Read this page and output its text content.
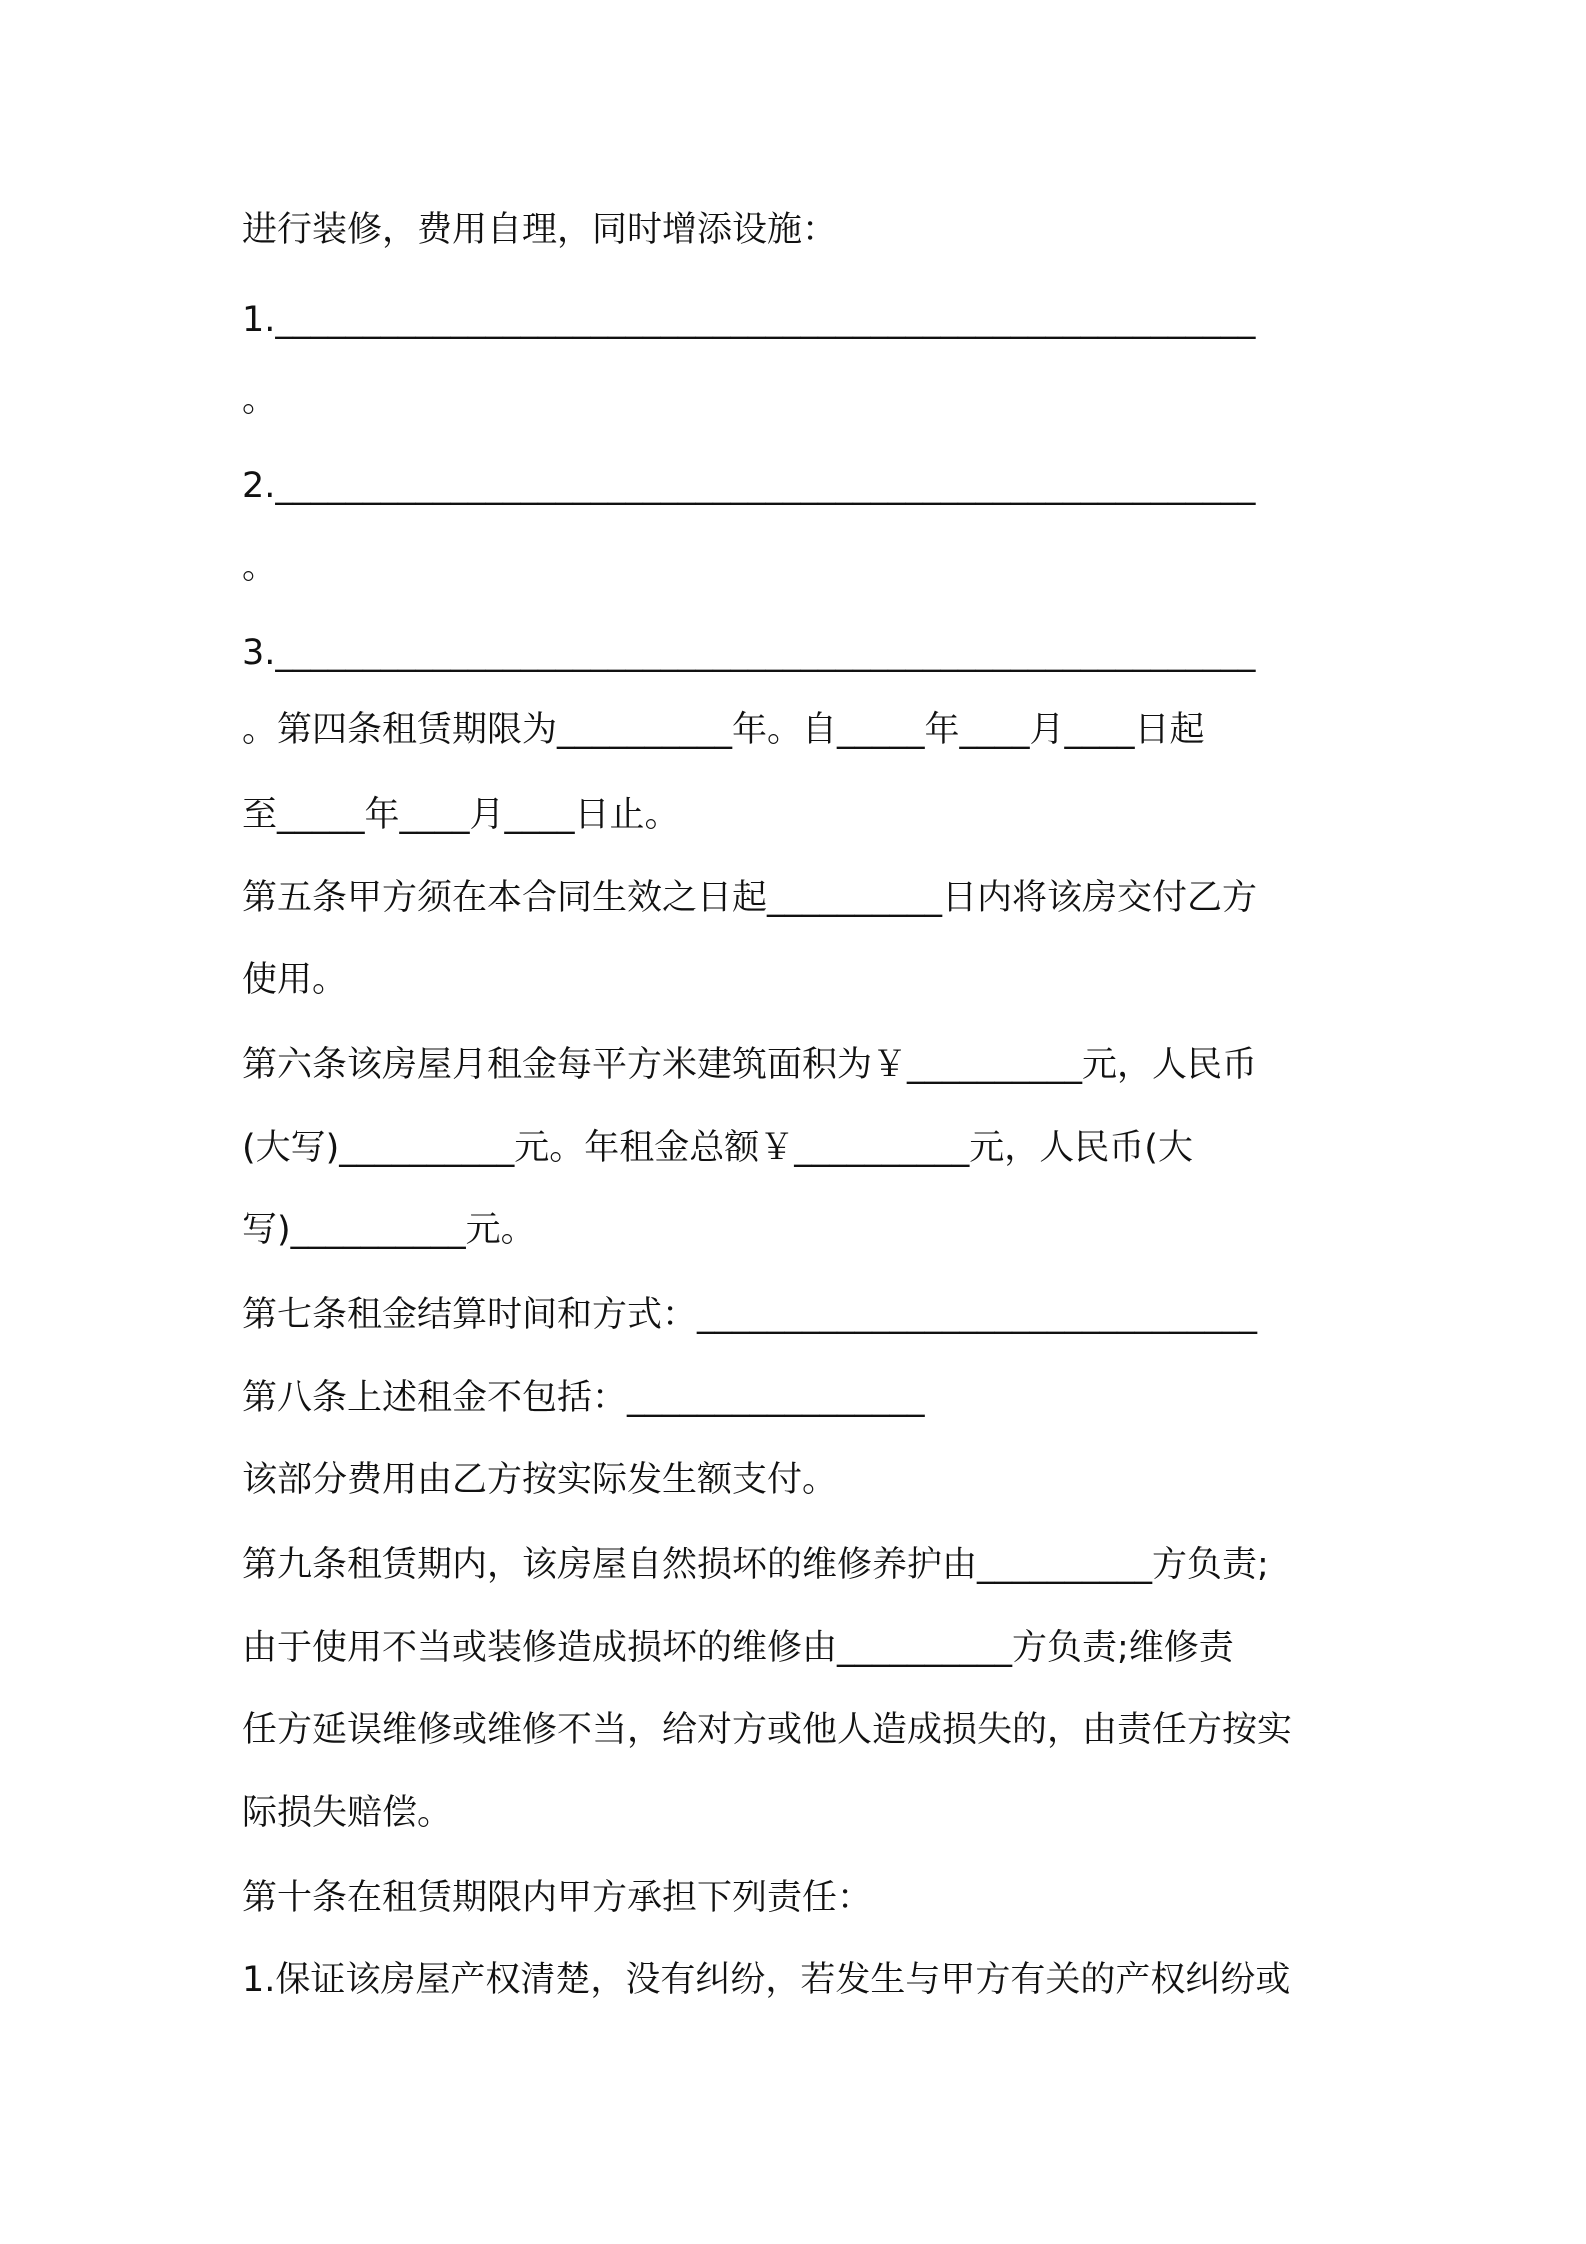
进行装修，费用自理，同时增添设施：
1.________________________________________________________
。
2.________________________________________________________
。
3.________________________________________________________
。第四条租赁期限为__________年。自_____年____月____日起
至_____年____月____日止。
第五条甲方须在本合同生效之日起__________日内将该房交付乙方
使用。
第六条该房屋月租金每平方米建筑面积为￥__________元，人民币
(大写)__________元。年租金总额￥__________元，人民币(大
写)__________元。
第七条租金结算时间和方式：________________________________
第八条上述租金不包括：_________________
该部分费用由乙方按实际发生额支付。
第九条租赁期内，该房屋自然损坏的维修养护由__________方负责;
由于使用不当或装修造成损坏的维修由__________方负责;维修责
任方延误维修或维修不当，给对方或他人造成损失的，由责任方按实
际损失赔偿。
第十条在租赁期限内甲方承担下列责任：
1.保证该房屋产权清楚，没有纠纷，若发生与甲方有关的产权纠纷或
